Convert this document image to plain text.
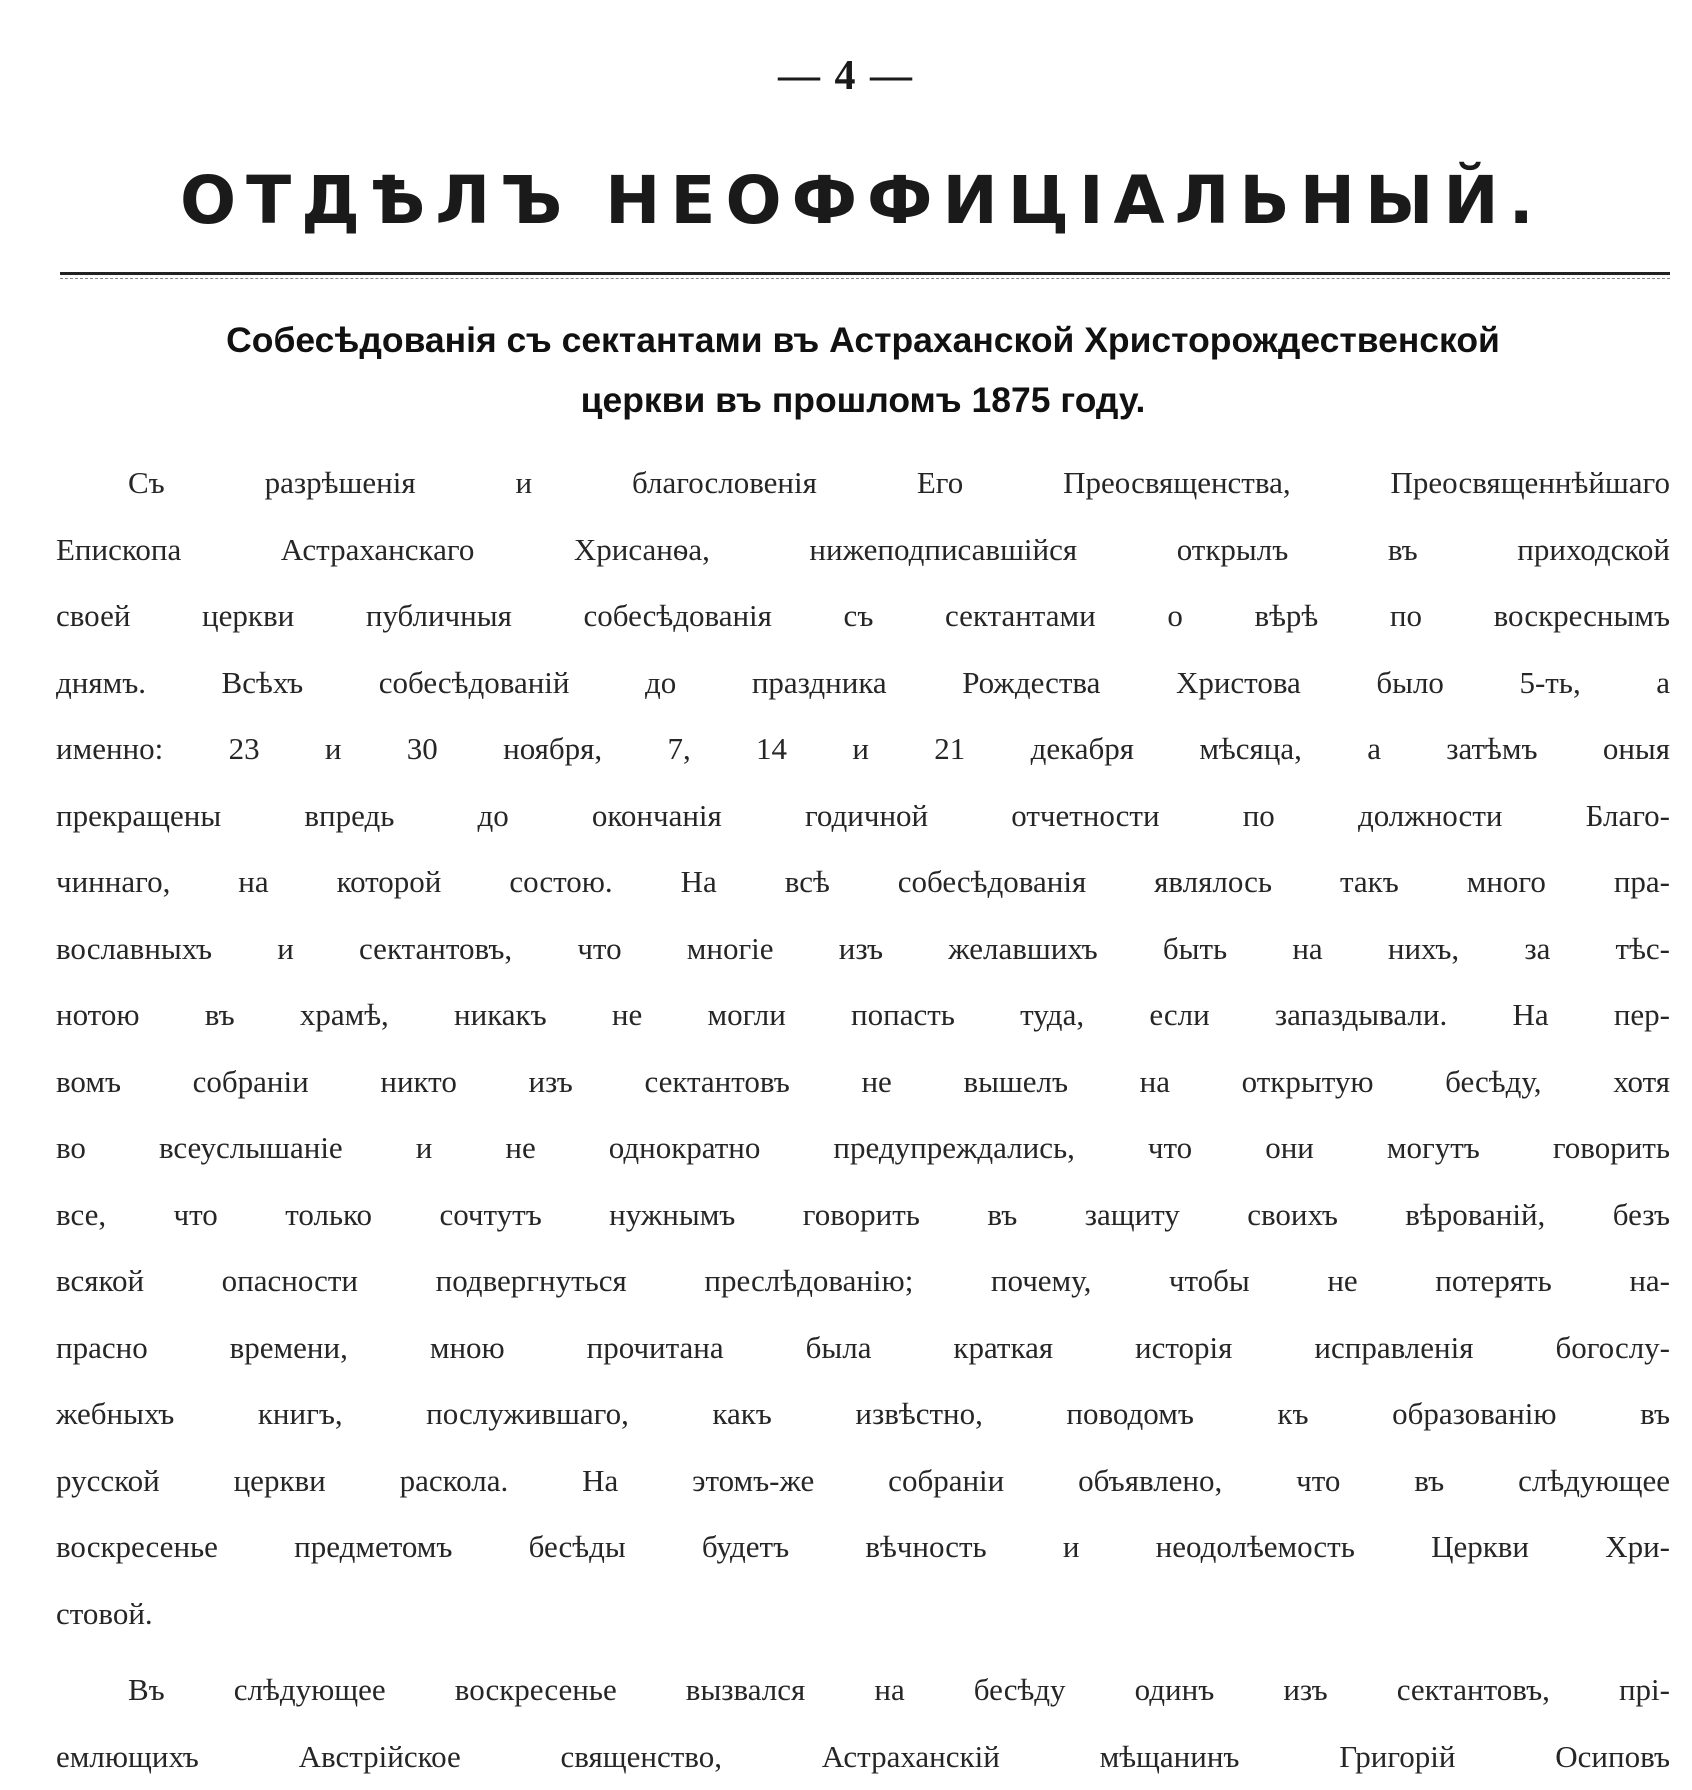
— 4 —
ОТДѢЛЪ НЕОФФИЦІАЛЬНЫЙ.
Собесѣдованія съ сектантами въ Астраханской Христорождественской
церкви въ прошломъ 1875 году.
Съ разрѣшенія и благословенія Его Преосвященства, Преосвященнѣйшаго
Епископа Астраханскаго Хрисанѳа, нижеподписавшійся открылъ въ приходской
своей церкви публичныя собесѣдованія съ сектантами о вѣрѣ по воскреснымъ
днямъ. Всѣхъ собесѣдованій до праздника Рождества Христова было 5-ть, а
именно: 23 и 30 ноября, 7, 14 и 21 декабря мѣсяца, а затѣмъ оныя
прекращены впредь до окончанія годичной отчетности по должности Благо-
чиннаго, на которой состою. На всѣ собесѣдованія являлось такъ много пра-
вославныхъ и сектантовъ, что многіе изъ желавшихъ быть на нихъ, за тѣс-
нотою въ храмѣ, никакъ не могли попасть туда, если запаздывали. На пер-
вомъ собраніи никто изъ сектантовъ не вышелъ на открытую бесѣду, хотя
во всеуслышаніе и не однократно предупреждались, что они могутъ говорить
все, что только сочтутъ нужнымъ говорить въ защиту своихъ вѣрованій, безъ
всякой опасности подвергнуться преслѣдованію; почему, чтобы не потерять на-
прасно времени, мною прочитана была краткая исторія исправленія богослу-
жебныхъ книгъ, послужившаго, какъ извѣстно, поводомъ къ образованію въ
русской церкви раскола. На этомъ-же собраніи объявлено, что въ слѣдующее
воскресенье предметомъ бесѣды будетъ вѣчность и неодолѣемость Церкви Хри-
стовой.
Въ слѣдующее воскресенье вызвался на бесѣду одинъ изъ сектантовъ, прі-
емлющихъ Австрійское священство, Астраханскій мѣщанинъ Григорій Осиповъ
